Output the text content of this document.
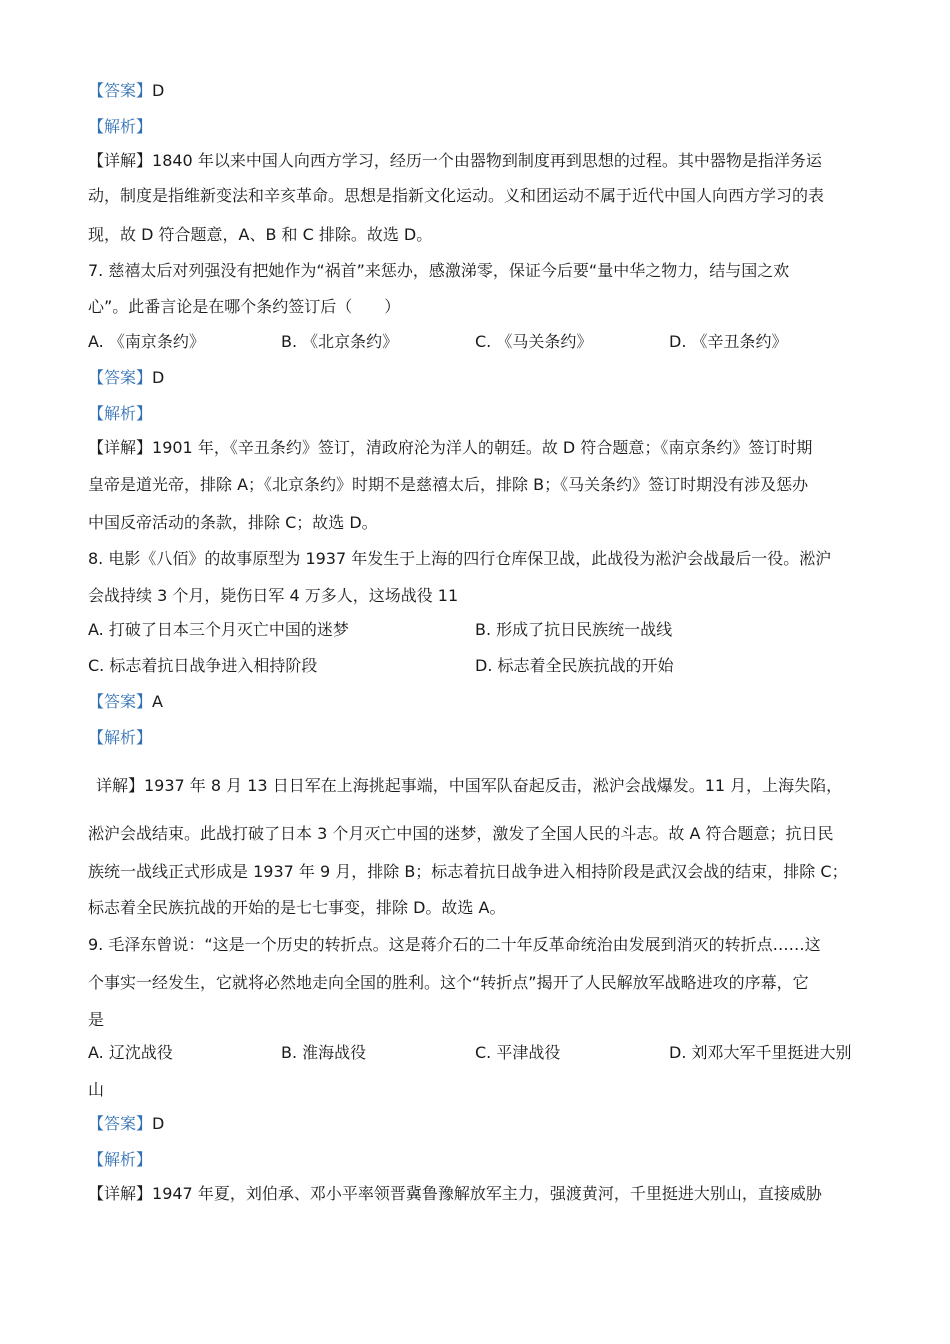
【答案】D
【解析】
【详解】1840 年以来中国人向西方学习，经历一个由器物到制度再到思想的过程。其中器物是指洋务运
动，制度是指维新变法和辛亥革命。思想是指新文化运动。义和团运动不属于近代中国人向西方学习的表
现，故 D 符合题意，A、B 和 C 排除。故选 D。
7. 慈禧太后对列强没有把她作为“祸首”来惩办，感激涕零，保证今后要“量中华之物力，结与国之欢
心”。此番言论是在哪个条约签订后（　　）
A. 《南京条约》	B. 《北京条约》	C. 《马关条约》	D. 《辛丑条约》
【答案】D
【解析】
【详解】1901 年，《辛丑条约》签订，清政府沦为洋人的朝廷。故 D 符合题意；《南京条约》签订时期
皇帝是道光帝，排除 A；《北京条约》时期不是慈禧太后，排除 B；《马关条约》签订时期没有涉及惩办
中国反帝活动的条款，排除 C；故选 D。
8. 电影《八佰》的故事原型为 1937 年发生于上海的四行仓库保卫战，此战役为淞沪会战最后一役。淞沪
会战持续 3 个月，毙伤日军 4 万多人，这场战役 11
A. 打破了日本三个月灭亡中国的迷梦	B. 形成了抗日民族统一战线
C. 标志着抗日战争进入相持阶段	D. 标志着全民族抗战的开始
【答案】A
【解析】
详解】1937 年 8 月 13 日日军在上海挑起事端，中国军队奋起反击，淞沪会战爆发。11 月，上海失陷，
淞沪会战结束。此战打破了日本 3 个月灭亡中国的迷梦，激发了全国人民的斗志。故 A 符合题意；抗日民
族统一战线正式形成是 1937 年 9 月，排除 B；标志着抗日战争进入相持阶段是武汉会战的结束，排除 C；
标志着全民族抗战的开始的是七七事变，排除 D。故选 A。
9. 毛泽东曾说：“这是一个历史的转折点。这是蒋介石的二十年反革命统治由发展到消灭的转折点……这
个事实一经发生，它就将必然地走向全国的胜利。这个“转折点”揭开了人民解放军战略进攻的序幕，它
是
A. 辽沈战役	B. 淮海战役	C. 平津战役	D. 刘邓大军千里挺进大别
山
【答案】D
【解析】
【详解】1947 年夏，刘伯承、邓小平率领晋冀鲁豫解放军主力，强渡黄河，千里挺进大别山，直接威胁
